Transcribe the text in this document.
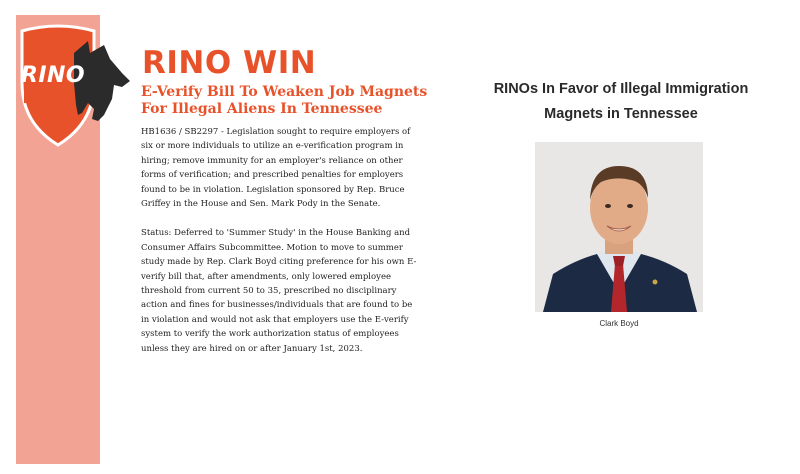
RINO RINO WIN
E-Verify Bill To Weaken Job Magnets
For Illegal Aliens In Tennessee

HB1636 / SB2297 - Legislation sought to require employers of six or more individuals to utilize an e-verification program in hiring; remove immunity for an employer's reliance on other forms of verification; and prescribed penalties for employers found to be in violation. Legislation sponsored by Rep. Bruce Griffey in the House and Sen. Mark Pody in the Senate.

Status: Deferred to 'Summer Study' in the House Banking and Consumer Affairs Subcommittee. Motion to move to summer study made by Rep. Clark Boyd citing preference for his own E-verify bill that, after amendments, only lowered employee threshold from current 50 to 35, prescribed no disciplinary action and fines for businesses/individuals that are found to be in violation and would not ask that employers use the E-verify system to verify the work authorization status of employees unless they are hired on or after January 1st, 2023.

RINOs In Favor of Illegal Immigration
Magnets in Tennessee
Clark Boyd
